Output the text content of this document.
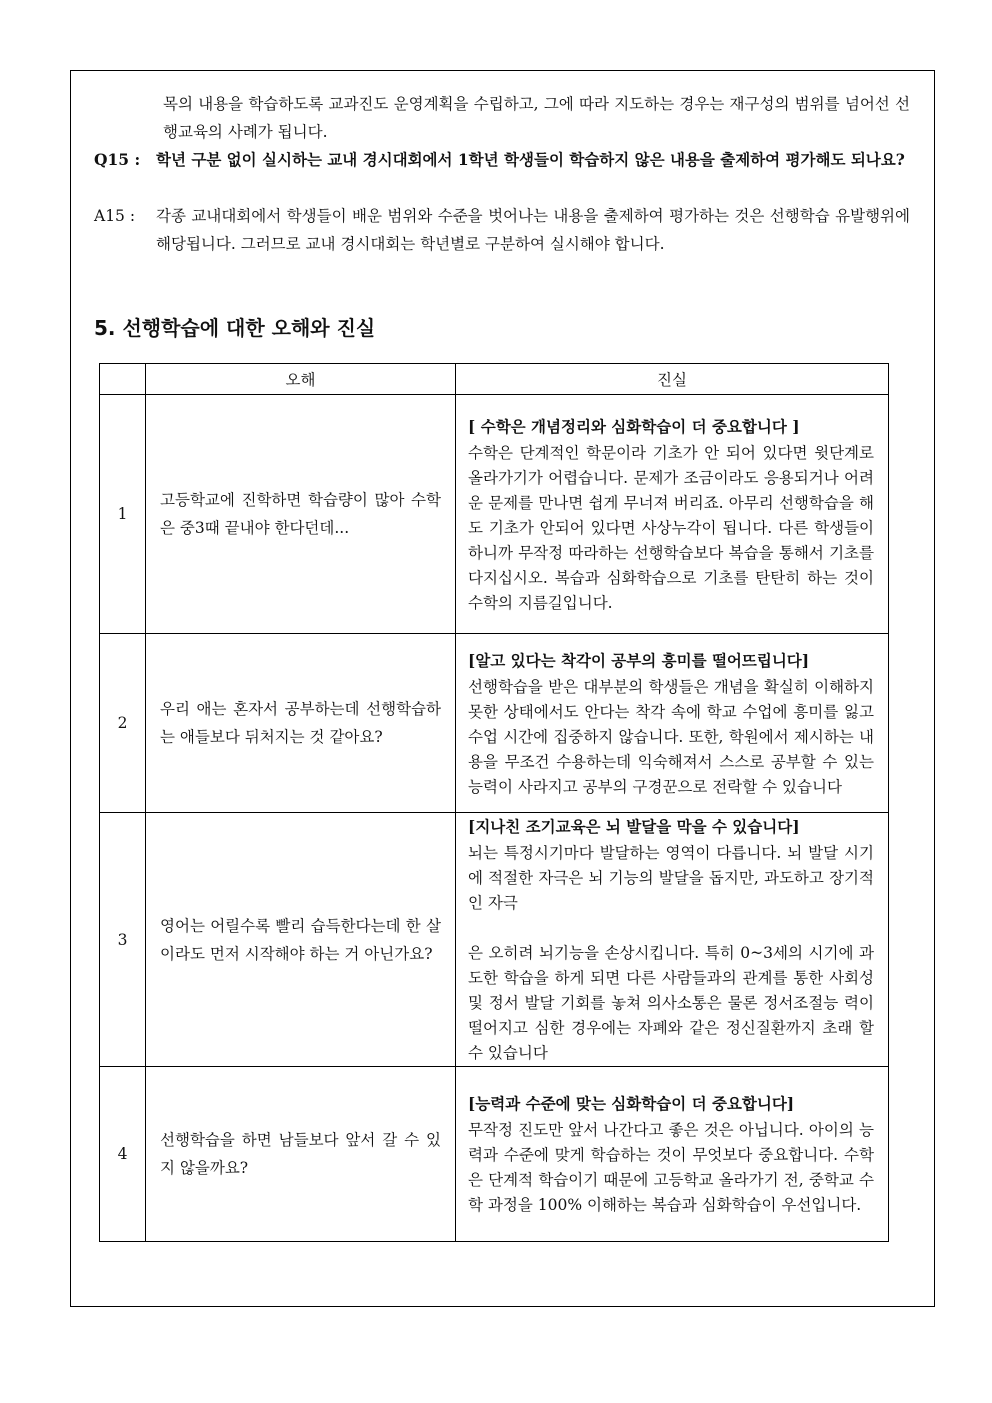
목의 내용을 학습하도록 교과진도 운영계획을 수립하고, 그에 따라 지도하는 경우는 재구성의 범위를 넘어선 선행교육의 사례가 됩니다.
Q15 :	학년 구분 없이 실시하는 교내 경시대회에서 1학년 학생들이 학습하지 않은 내용을 출제하여 평가해도 되나요?
A15 :	각종 교내대회에서 학생들이 배운 범위와 수준을 벗어나는 내용을 출제하여 평가하는 것은 선행학습 유발행위에 해당됩니다. 그러므로 교내 경시대회는 학년별로 구분하여 실시해야 합니다.
5. 선행학습에 대한 오해와 진실
	오해	진실
1	고등학교에 진학하면 학습량이 많아 수학은 중3때 끝내야 한다던데...	[ 수학은 개념정리와 심화학습이 더 중요합니다 ]
수학은 단계적인 학문이라 기초가 안 되어 있다면 윗단계로 올라가기가 어렵습니다. 문제가 조금이라도 응용되거나 어려운 문제를 만나면 쉽게 무너져 버리죠. 아무리 선행학습을 해도 기초가 안되어 있다면 사상누각이 됩니다. 다른 학생들이 하니까 무작정 따라하는 선행학습보다 복습을 통해서 기초를 다지십시오. 복습과 심화학습으로 기초를 탄탄히 하는 것이 수학의 지름길입니다.

2	우리 애는 혼자서 공부하는데 선행학습하는 애들보다 뒤처지는 것 같아요?	[알고 있다는 착각이 공부의 흥미를 떨어뜨립니다]
선행학습을 받은 대부분의 학생들은 개념을 확실히 이해하지 못한 상태에서도 안다는 착각 속에 학교 수업에 흥미를 잃고 수업 시간에 집중하지 않습니다. 또한, 학원에서 제시하는 내용을 무조건 수용하는데 익숙해져서 스스로 공부할 수 있는 능력이 사라지고 공부의 구경꾼으로 전락할 수 있습니다

3	영어는 어릴수록 빨리 습득한다는데 한 살이라도 먼저 시작해야 하는 거 아닌가요?	[지나친 조기교육은 뇌 발달을 막을 수 있습니다]
뇌는 특정시기마다 발달하는 영역이 다릅니다. 뇌 발달 시기에 적절한 자극은 뇌 기능의 발달을 돕지만, 과도하고 장기적인 자극
은 오히려 뇌기능을 손상시킵니다. 특히 0~3세의 시기에 과도한 학습을 하게 되면 다른 사람들과의 관계를 통한 사회성 및 정서 발달 기회를 놓쳐 의사소통은 물론 정서조절능 력이 떨어지고 심한 경우에는 자폐와 같은 정신질환까지 초래 할 수 있습니다

4	선행학습을 하면 남들보다 앞서 갈 수 있지 않을까요?	[능력과 수준에 맞는 심화학습이 더 중요합니다]
무작정 진도만 앞서 나간다고 좋은 것은 아닙니다. 아이의 능력과 수준에 맞게 학습하는 것이 무엇보다 중요합니다. 수학은 단계적 학습이기 때문에 고등학교 올라가기 전, 중학교 수학 과정을 100% 이해하는 복습과 심화학습이 우선입니다.
